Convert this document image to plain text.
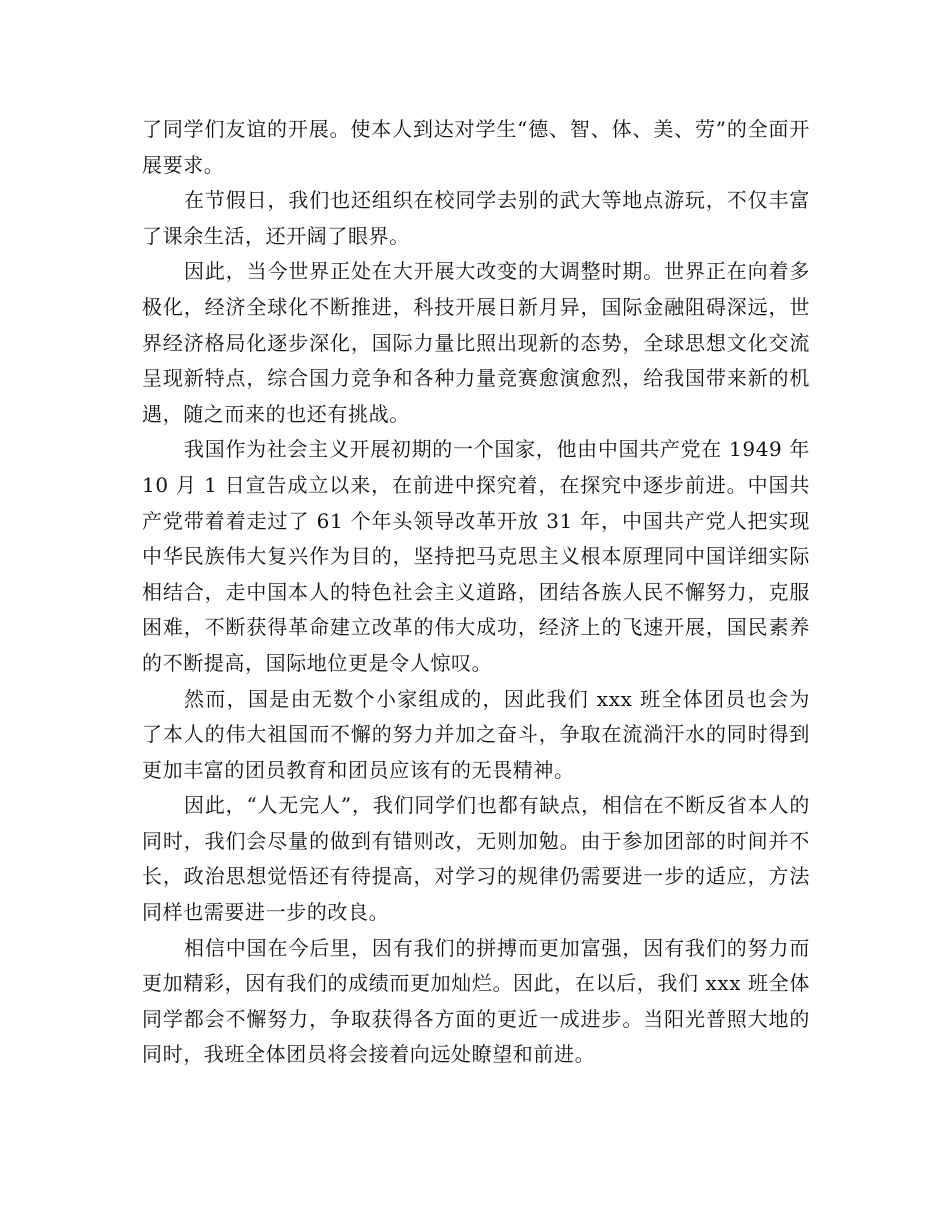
了同学们友谊的开展。使本人到达对学生“德、智、体、美、劳”的全面开展要求。

在节假日，我们也还组织在校同学去别的武大等地点游玩，不仅丰富了课余生活，还开阔了眼界。

因此，当今世界正处在大开展大改变的大调整时期。世界正在向着多极化，经济全球化不断推进，科技开展日新月异，国际金融阻碍深远，世界经济格局化逐步深化，国际力量比照出现新的态势，全球思想文化交流呈现新特点，综合国力竞争和各种力量竞赛愈演愈烈，给我国带来新的机遇，随之而来的也还有挑战。

我国作为社会主义开展初期的一个国家，他由中国共产党在 1949 年 10 月 1 日宣告成立以来，在前进中探究着，在探究中逐步前进。中国共产党带着着走过了 61 个年头领导改革开放 31 年，中国共产党人把实现中华民族伟大复兴作为目的，坚持把马克思主义根本原理同中国详细实际相结合，走中国本人的特色社会主义道路，团结各族人民不懈努力，克服困难，不断获得革命建立改革的伟大成功，经济上的飞速开展，国民素养的不断提高，国际地位更是令人惊叹。

然而，国是由无数个小家组成的，因此我们 xxx 班全体团员也会为了本人的伟大祖国而不懈的努力并加之奋斗，争取在流淌汗水的同时得到更加丰富的团员教育和团员应该有的无畏精神。

因此，“人无完人”，我们同学们也都有缺点，相信在不断反省本人的同时，我们会尽量的做到有错则改，无则加勉。由于参加团部的时间并不长，政治思想觉悟还有待提高，对学习的规律仍需要进一步的适应，方法同样也需要进一步的改良。

相信中国在今后里，因有我们的拼搏而更加富强，因有我们的努力而更加精彩，因有我们的成绩而更加灿烂。因此，在以后，我们 xxx 班全体同学都会不懈努力，争取获得各方面的更近一成进步。当阳光普照大地的同时，我班全体团员将会接着向远处瞭望和前进。
